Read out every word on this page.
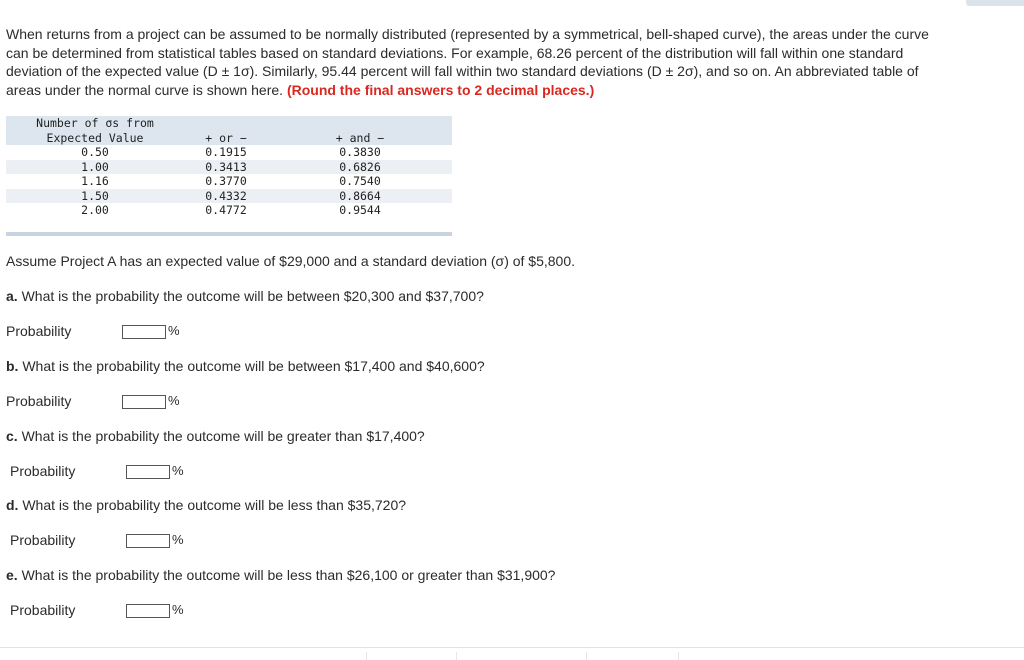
When returns from a project can be assumed to be normally distributed (represented by a symmetrical, bell-shaped curve), the areas under the curve can be determined from statistical tables based on standard deviations. For example, 68.26 percent of the distribution will fall within one standard deviation of the expected value (D ± 1σ). Similarly, 95.44 percent will fall within two standard deviations (D ± 2σ), and so on. An abbreviated table of areas under the normal curve is shown here. (Round the final answers to 2 decimal places.)

Number of σs from
Expected Value	+ or −	+ and −
0.50	0.1915	0.3830
1.00	0.3413	0.6826
1.16	0.3770	0.7540
1.50	0.4332	0.8664
2.00	0.4772	0.9544
Assume Project A has an expected value of $29,000 and a standard deviation (σ) of $5,800.
a. What is the probability the outcome will be between $20,300 and $37,700?
Probability	%
b. What is the probability the outcome will be between $17,400 and $40,600?
Probability	%
c. What is the probability the outcome will be greater than $17,400?
Probability	%
d. What is the probability the outcome will be less than $35,720?
Probability	%
e. What is the probability the outcome will be less than $26,100 or greater than $31,900?
Probability	%
